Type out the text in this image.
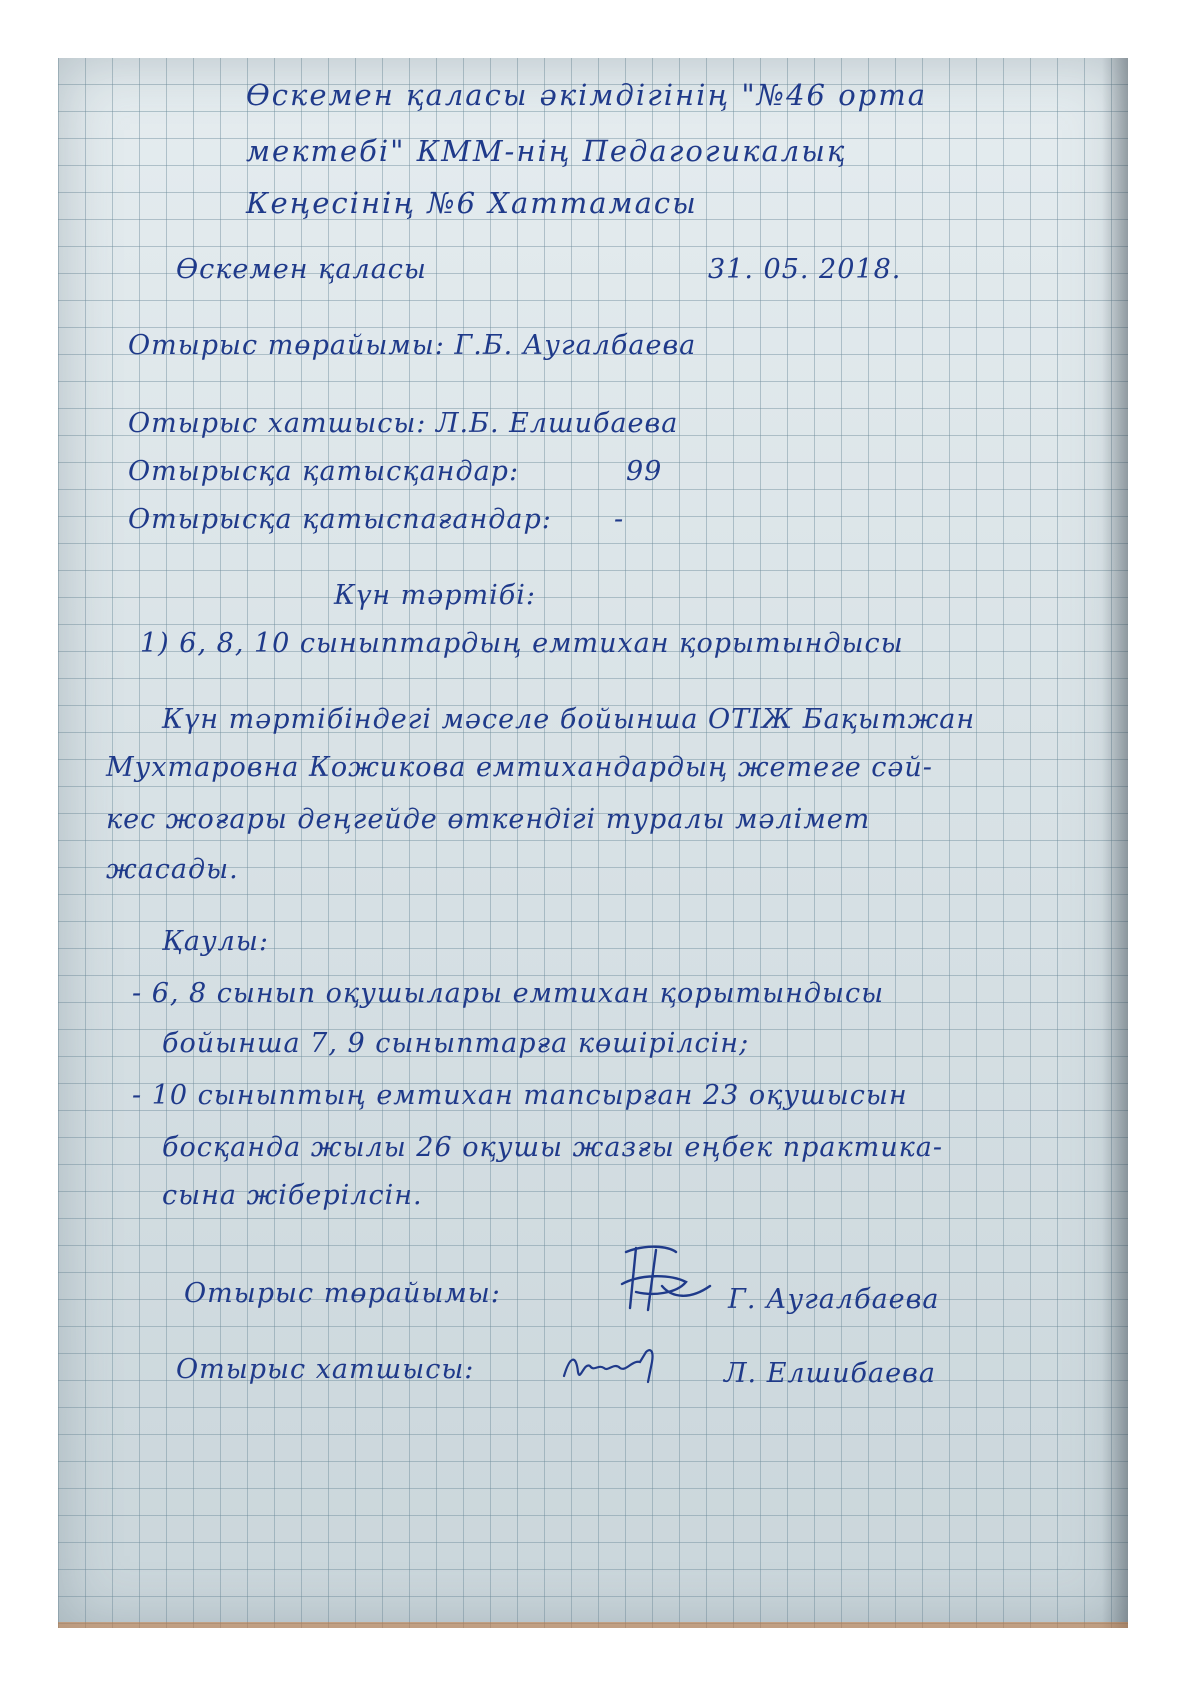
Өскемен қаласы әкімдігінің "№46 орта

мектебі" КММ-нің Педагогикалық

Кеңесінің №6 Хаттамасы

Өскемен қаласы	31. 05. 2018.

Отырыс төрайымы: Г.Б. Аугалбаева

Отырыс хатшысы: Л.Б. Елшибаева

Отырысқа қатысқандар:	99

Отырысқа қатыспағандар: -

Күн тәртібі:

1) 6, 8, 10 сыныптардың емтихан қорытындысы

Күн тәртібіндегі мәселе бойынша ОТІЖ Бақытжан

Мухтаровна Кожикова емтихандардың жетеге сәй-

кес жоғары деңгейде өткендігі туралы мәлімет

жасады.

Қаулы:

- 6, 8 сынып оқушылары емтихан қорытындысы

бойынша 7, 9 сыныптарға көшірілсін;

- 10 сыныптың емтихан тапсырған 23 оқушысын

босқанда жылы 26 оқушы жазғы еңбек практика-

сына жіберілсін.

Отырыс төрайымы:	Г. Аугалбаева

Отырыс хатшысы:	Л. Елшибаева
